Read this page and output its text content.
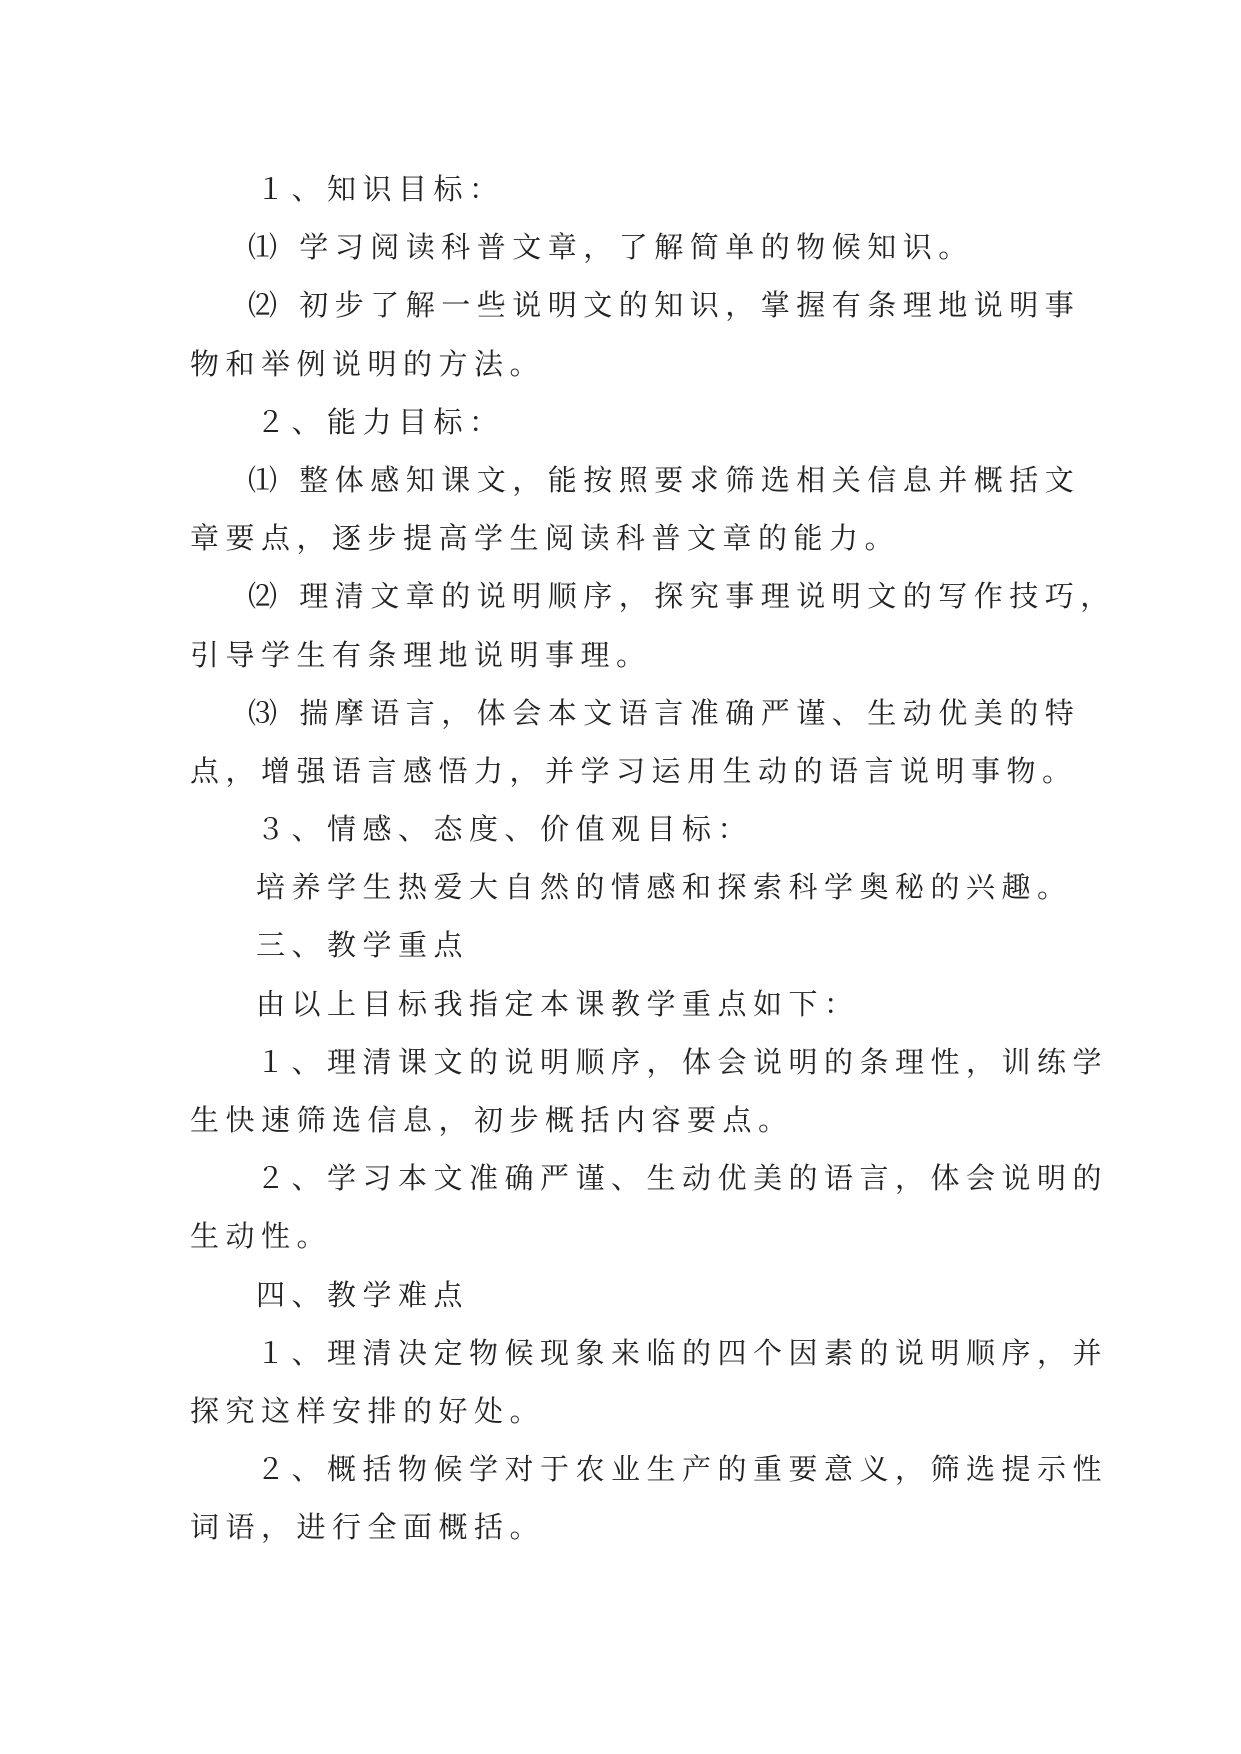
１、知识目标：
⑴ 学习阅读科普文章，了解简单的物候知识。
⑵ 初步了解一些说明文的知识，掌握有条理地说明事
物和举例说明的方法。
２、能力目标：
⑴ 整体感知课文，能按照要求筛选相关信息并概括文
章要点，逐步提高学生阅读科普文章的能力。
⑵ 理清文章的说明顺序，探究事理说明文的写作技巧，
引导学生有条理地说明事理。
⑶ 揣摩语言，体会本文语言准确严谨、生动优美的特
点，增强语言感悟力，并学习运用生动的语言说明事物。
３、情感、态度、价值观目标：
培养学生热爱大自然的情感和探索科学奥秘的兴趣。
三、教学重点
由以上目标我指定本课教学重点如下：
１、理清课文的说明顺序，体会说明的条理性，训练学
生快速筛选信息，初步概括内容要点。
２、学习本文准确严谨、生动优美的语言，体会说明的
生动性。
四、教学难点
１、理清决定物候现象来临的四个因素的说明顺序，并
探究这样安排的好处。
２、概括物候学对于农业生产的重要意义，筛选提示性
词语，进行全面概括。
